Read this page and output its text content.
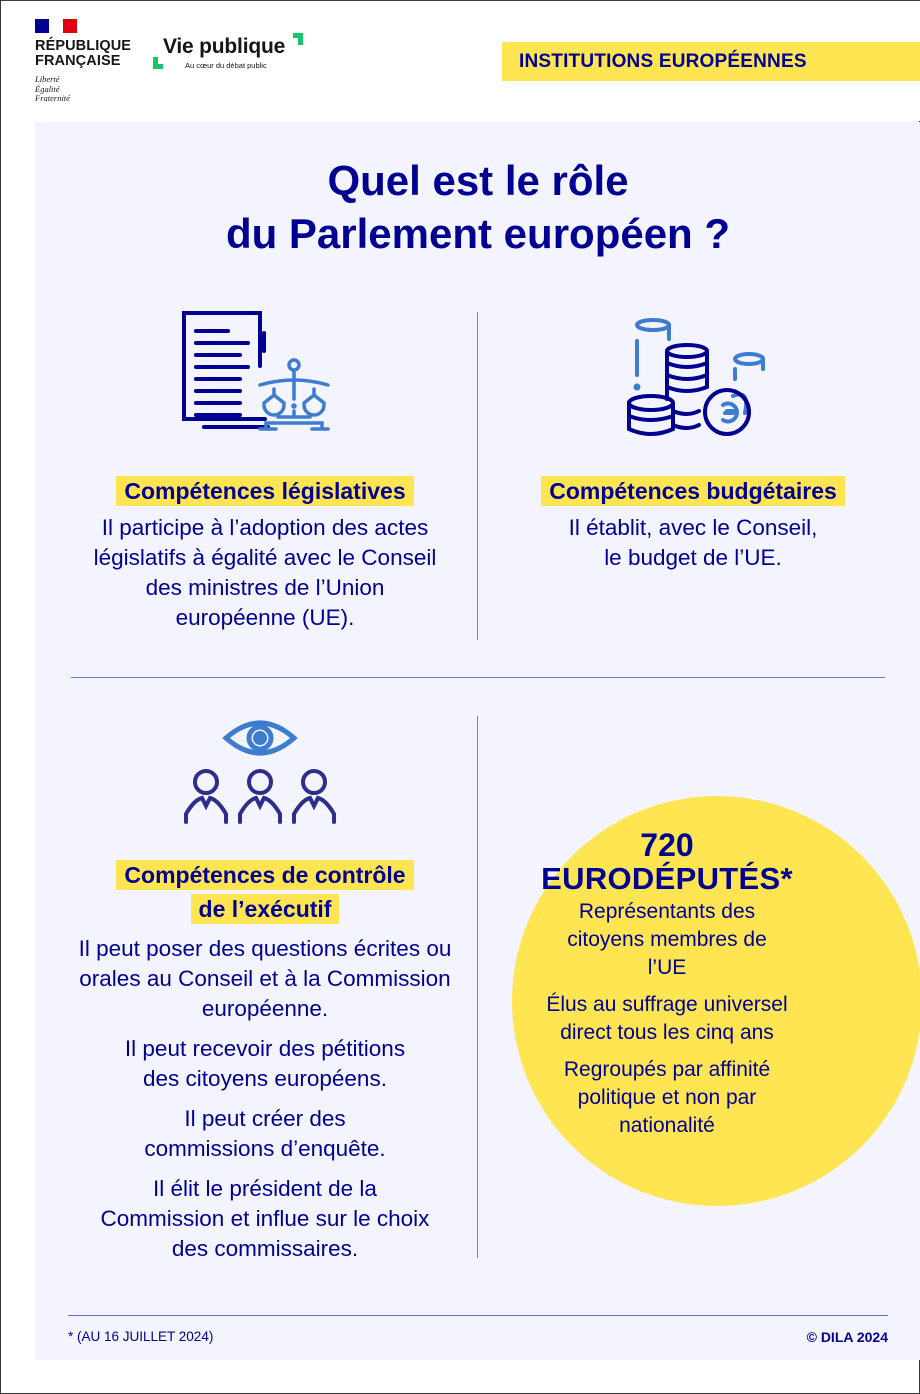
RÉPUBLIQUE
FRANÇAISE
Liberté
Égalité
Fraternité
Vie publique
Au cœur du débat public	INSTITUTIONS EUROPÉENNES
Quel est le rôle
du Parlement européen ?
Compétences législatives
Il participe à l’adoption des actes législatifs à égalité avec le Conseil des ministres de l’Union européenne (UE).
Compétences budgétaires
Il établit, avec le Conseil, le budget de l’UE.
Compétences de contrôle
de l’exécutif
Il peut poser des questions écrites ou orales au Conseil et à la Commission européenne.
Il peut recevoir des pétitions des citoyens européens.
Il peut créer des commissions d’enquête.
Il élit le président de la Commission et influe sur le choix des commissaires.
720
EURODÉPUTÉS*
Représentants des citoyens membres de l’UE
Élus au suffrage universel direct tous les cinq ans
Regroupés par affinité politique et non par nationalité
* (AU 16 JUILLET 2024)	© DILA 2024
